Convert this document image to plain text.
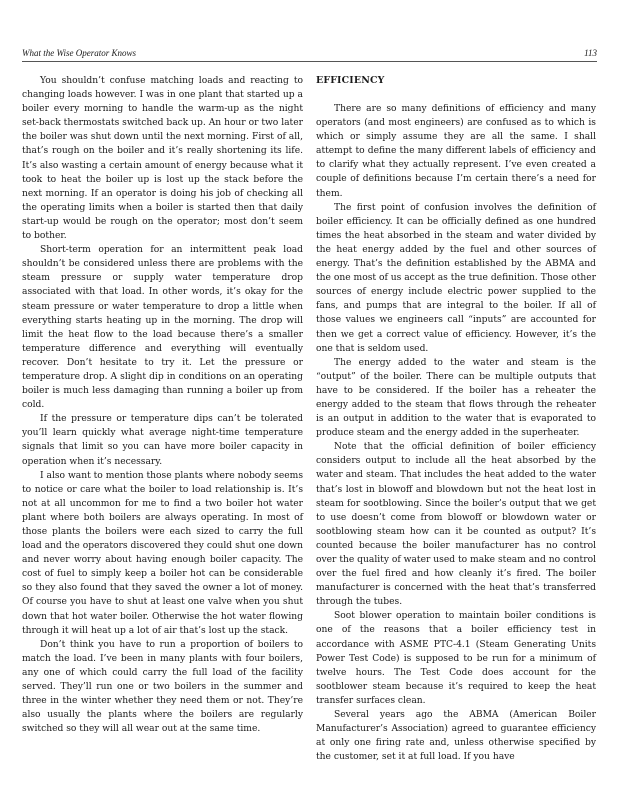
What the Wise Operator Knows	113

You shouldn’t confuse matching loads and reacting to changing loads however. I was in one plant that started up a boiler every morning to handle the warm-up as the night set-back thermostats switched back up. An hour or two later the boiler was shut down until the next morning. First of all, that’s rough on the boiler and it’s really shortening its life. It’s also wasting a certain amount of energy because what it took to heat the boiler up is lost up the stack before the next morning. If an operator is doing his job of checking all the operating limits when a boiler is started then that daily start-up would be rough on the operator; most don’t seem to bother.

Short-term operation for an intermittent peak load shouldn’t be considered unless there are problems with the steam pressure or supply water temperature drop associated with that load. In other words, it’s okay for the steam pressure or water temperature to drop a little when everything starts heating up in the morning. The drop will limit the heat flow to the load because there’s a smaller temperature difference and everything will eventually recover. Don’t hesitate to try it. Let the pressure or temperature drop. A slight dip in conditions on an operating boiler is much less damaging than running a boiler up from cold.

If the pressure or temperature dips can’t be tolerated you’ll learn quickly what average night-time temperature signals that limit so you can have more boiler capacity in operation when it’s necessary.

I also want to mention those plants where nobody seems to notice or care what the boiler to load relationship is. It’s not at all uncommon for me to find a two boiler hot water plant where both boilers are always operating. In most of those plants the boilers were each sized to carry the full load and the operators discovered they could shut one down and never worry about having enough boiler capacity. The cost of fuel to simply keep a boiler hot can be considerable so they also found that they saved the owner a lot of money. Of course you have to shut at least one valve when you shut down that hot water boiler. Otherwise the hot water flowing through it will heat up a lot of air that’s lost up the stack.

Don’t think you have to run a proportion of boilers to match the load. I’ve been in many plants with four boilers, any one of which could carry the full load of the facility served. They’ll run one or two boilers in the summer and three in the winter whether they need them or not. They’re also usually the plants where the boilers are regularly switched so they will all wear out at the same time.

EFFICIENCY

There are so many definitions of efficiency and many operators (and most engineers) are confused as to which is which or simply assume they are all the same. I shall attempt to define the many different labels of efficiency and to clarify what they actually represent. I’ve even created a couple of definitions because I’m certain there’s a need for them.

The first point of confusion involves the definition of boiler efficiency. It can be officially defined as one hundred times the heat absorbed in the steam and water divided by the heat energy added by the fuel and other sources of energy. That’s the definition established by the ABMA and the one most of us accept as the true definition. Those other sources of energy include electric power supplied to the fans, and pumps that are integral to the boiler. If all of those values we engineers call “inputs” are accounted for then we get a correct value of efficiency. However, it’s the one that is seldom used.

The energy added to the water and steam is the “output” of the boiler. There can be multiple outputs that have to be considered. If the boiler has a reheater the energy added to the steam that flows through the reheater is an output in addition to the water that is evaporated to produce steam and the energy added in the superheater.

Note that the official definition of boiler efficiency considers output to include all the heat absorbed by the water and steam. That includes the heat added to the water that’s lost in blowoff and blowdown but not the heat lost in steam for sootblowing. Since the boiler’s output that we get to use doesn’t come from blowoff or blowdown water or sootblowing steam how can it be counted as output? It’s counted because the boiler manufacturer has no control over the quality of water used to make steam and no control over the fuel fired and how cleanly it’s fired. The boiler manufacturer is concerned with the heat that’s transferred through the tubes.

Soot blower operation to maintain boiler conditions is one of the reasons that a boiler efficiency test in accordance with ASME PTC-4.1 (Steam Generating Units Power Test Code) is supposed to be run for a minimum of twelve hours. The Test Code does account for the sootblower steam because it’s required to keep the heat transfer surfaces clean.

Several years ago the ABMA (American Boiler Manufacturer’s Association) agreed to guarantee efficiency at only one firing rate and, unless otherwise specified by the customer, set it at full load. If you have
